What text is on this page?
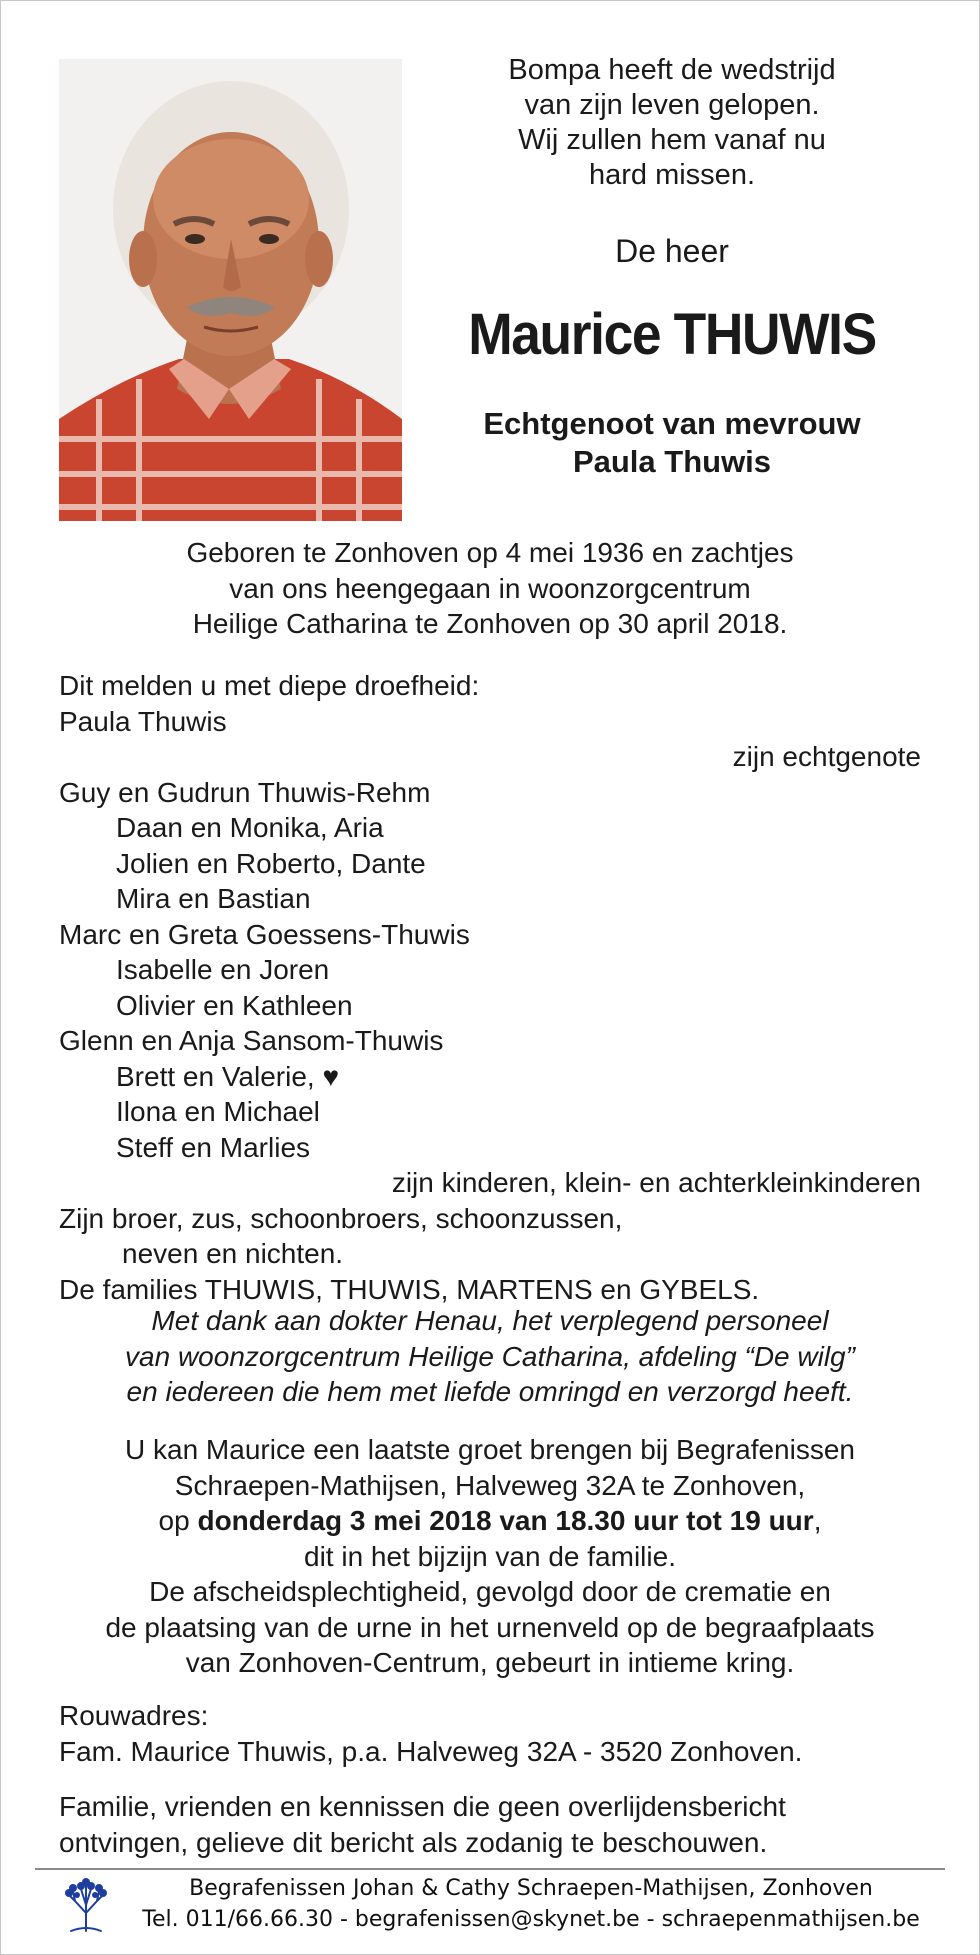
Bompa heeft de wedstrijd
van zijn leven gelopen.
Wij zullen hem vanaf nu
hard missen.
De heer
Maurice THUWIS
Echtgenoot van mevrouw
Paula Thuwis
Geboren te Zonhoven op 4 mei 1936 en zachtjes
van ons heengegaan in woonzorgcentrum
Heilige Catharina te Zonhoven op 30 april 2018.
Dit melden u met diepe droefheid:
Paula Thuwis
zijn echtgenote
Guy en Gudrun Thuwis-Rehm
Daan en Monika, Aria
Jolien en Roberto, Dante
Mira en Bastian
Marc en Greta Goessens-Thuwis
Isabelle en Joren
Olivier en Kathleen
Glenn en Anja Sansom-Thuwis
Brett en Valerie, ♥
Ilona en Michael
Steff en Marlies
zijn kinderen, klein- en achterkleinkinderen
Zijn broer, zus, schoonbroers, schoonzussen,
neven en nichten.
De families THUWIS, THUWIS, MARTENS en GYBELS.
Met dank aan dokter Henau, het verplegend personeel
van woonzorgcentrum Heilige Catharina, afdeling “De wilg”
en iedereen die hem met liefde omringd en verzorgd heeft.
U kan Maurice een laatste groet brengen bij Begrafenissen
Schraepen-Mathijsen, Halveweg 32A te Zonhoven,
op donderdag 3 mei 2018 van 18.30 uur tot 19 uur,
dit in het bijzijn van de familie.
De afscheidsplechtigheid, gevolgd door de crematie en
de plaatsing van de urne in het urnenveld op de begraafplaats
van Zonhoven-Centrum, gebeurt in intieme kring.
Rouwadres:
Fam. Maurice Thuwis, p.a. Halveweg 32A - 3520 Zonhoven.
Familie, vrienden en kennissen die geen overlijdensbericht
ontvingen, gelieve dit bericht als zodanig te beschouwen.
Begrafenissen Johan & Cathy Schraepen-Mathijsen, Zonhoven
Tel. 011/66.66.30 - begrafenissen@skynet.be - schraepenmathijsen.be
